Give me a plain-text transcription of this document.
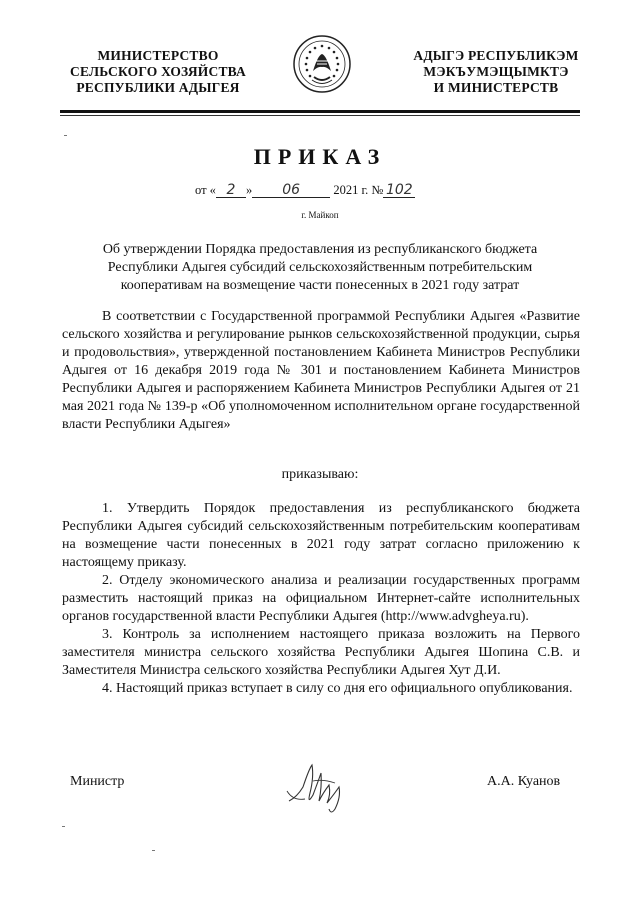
МИНИСТЕРСТВО
СЕЛЬСКОГО ХОЗЯЙСТВА
РЕСПУБЛИКИ АДЫГЕЯ
АДЫГЭ РЕСПУБЛИКЭМ
МЭКЪУМЭЩЫМКТЭ
И МИНИСТЕРСТВ
ПРИКАЗ
от « 2 » 06	2021 г. № 102
г. Майкоп
Об утверждении Порядка предоставления из республиканского бюджета Республики Адыгея субсидий сельскохозяйственным потребительским кооперативам на возмещение части понесенных в 2021 году затрат
В соответствии с Государственной программой Республики Адыгея «Развитие сельского хозяйства и регулирование рынков сельскохозяйственной продукции, сырья и продовольствия», утвержденной постановлением Кабинета Министров Республики Адыгея от 16 декабря 2019 года № 301 и постановлением Кабинета Министров Республики Адыгея и распоряжением Кабинета Министров Республики Адыгея от 21 мая 2021 года № 139-р «Об уполномоченном исполнительном органе государственной власти Республики Адыгея»
приказываю:

1. Утвердить Порядок предоставления из республиканского бюджета Республики Адыгея субсидий сельскохозяйственным потребительским кооперативам на возмещение части понесенных в 2021 году затрат согласно приложению к настоящему приказу.

2. Отделу экономического анализа и реализации государственных программ разместить настоящий приказ на официальном Интернет-сайте исполнительных органов государственной власти Республики Адыгея (http://www.advgheya.ru).

3. Контроль за исполнением настоящего приказа возложить на Первого заместителя министра сельского хозяйства Республики Адыгея Шопина С.В. и Заместителя Министра сельского хозяйства Республики Адыгея Хут Д.И.

4. Настоящий приказ вступает в силу со дня его официального опубликования.

Министр	А.А. Куанов
